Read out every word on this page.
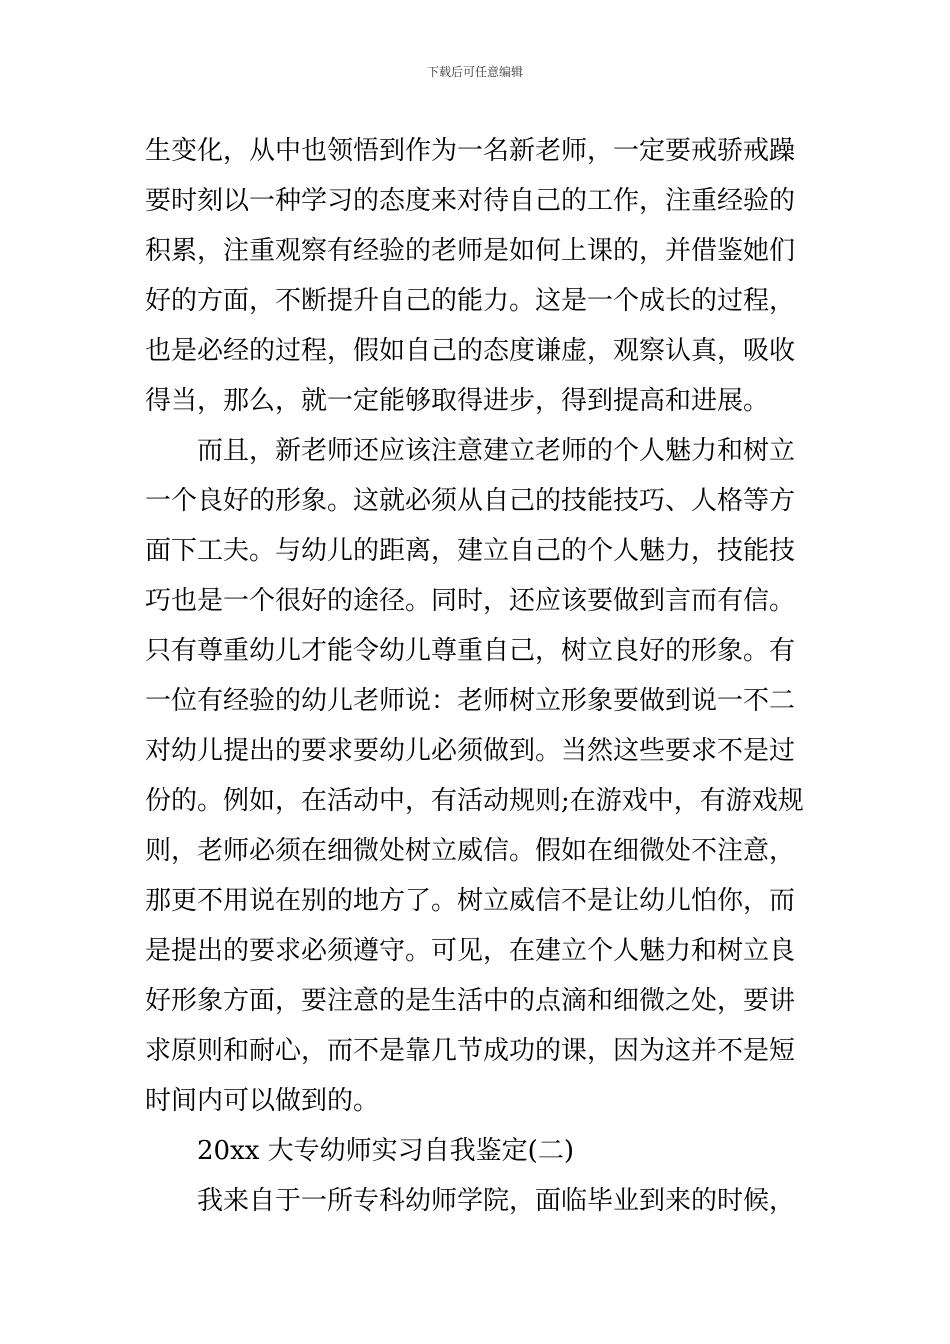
下载后可任意编辑
生变化，从中也领悟到作为一名新老师，一定要戒骄戒躁
要时刻以一种学习的态度来对待自己的工作，注重经验的
积累，注重观察有经验的老师是如何上课的，并借鉴她们
好的方面，不断提升自己的能力。这是一个成长的过程，
也是必经的过程，假如自己的态度谦虚，观察认真，吸收
得当，那么，就一定能够取得进步，得到提高和进展。
而且，新老师还应该注意建立老师的个人魅力和树立
一个良好的形象。这就必须从自己的技能技巧、人格等方
面下工夫。与幼儿的距离，建立自己的个人魅力，技能技
巧也是一个很好的途径。同时，还应该要做到言而有信。
只有尊重幼儿才能令幼儿尊重自己，树立良好的形象。有
一位有经验的幼儿老师说：老师树立形象要做到说一不二
对幼儿提出的要求要幼儿必须做到。当然这些要求不是过
份的。例如，在活动中，有活动规则;在游戏中，有游戏规
则，老师必须在细微处树立威信。假如在细微处不注意，
那更不用说在别的地方了。树立威信不是让幼儿怕你，而
是提出的要求必须遵守。可见，在建立个人魅力和树立良
好形象方面，要注意的是生活中的点滴和细微之处，要讲
求原则和耐心，而不是靠几节成功的课，因为这并不是短
时间内可以做到的。
20xx 大专幼师实习自我鉴定(二)
我来自于一所专科幼师学院，面临毕业到来的时候，
